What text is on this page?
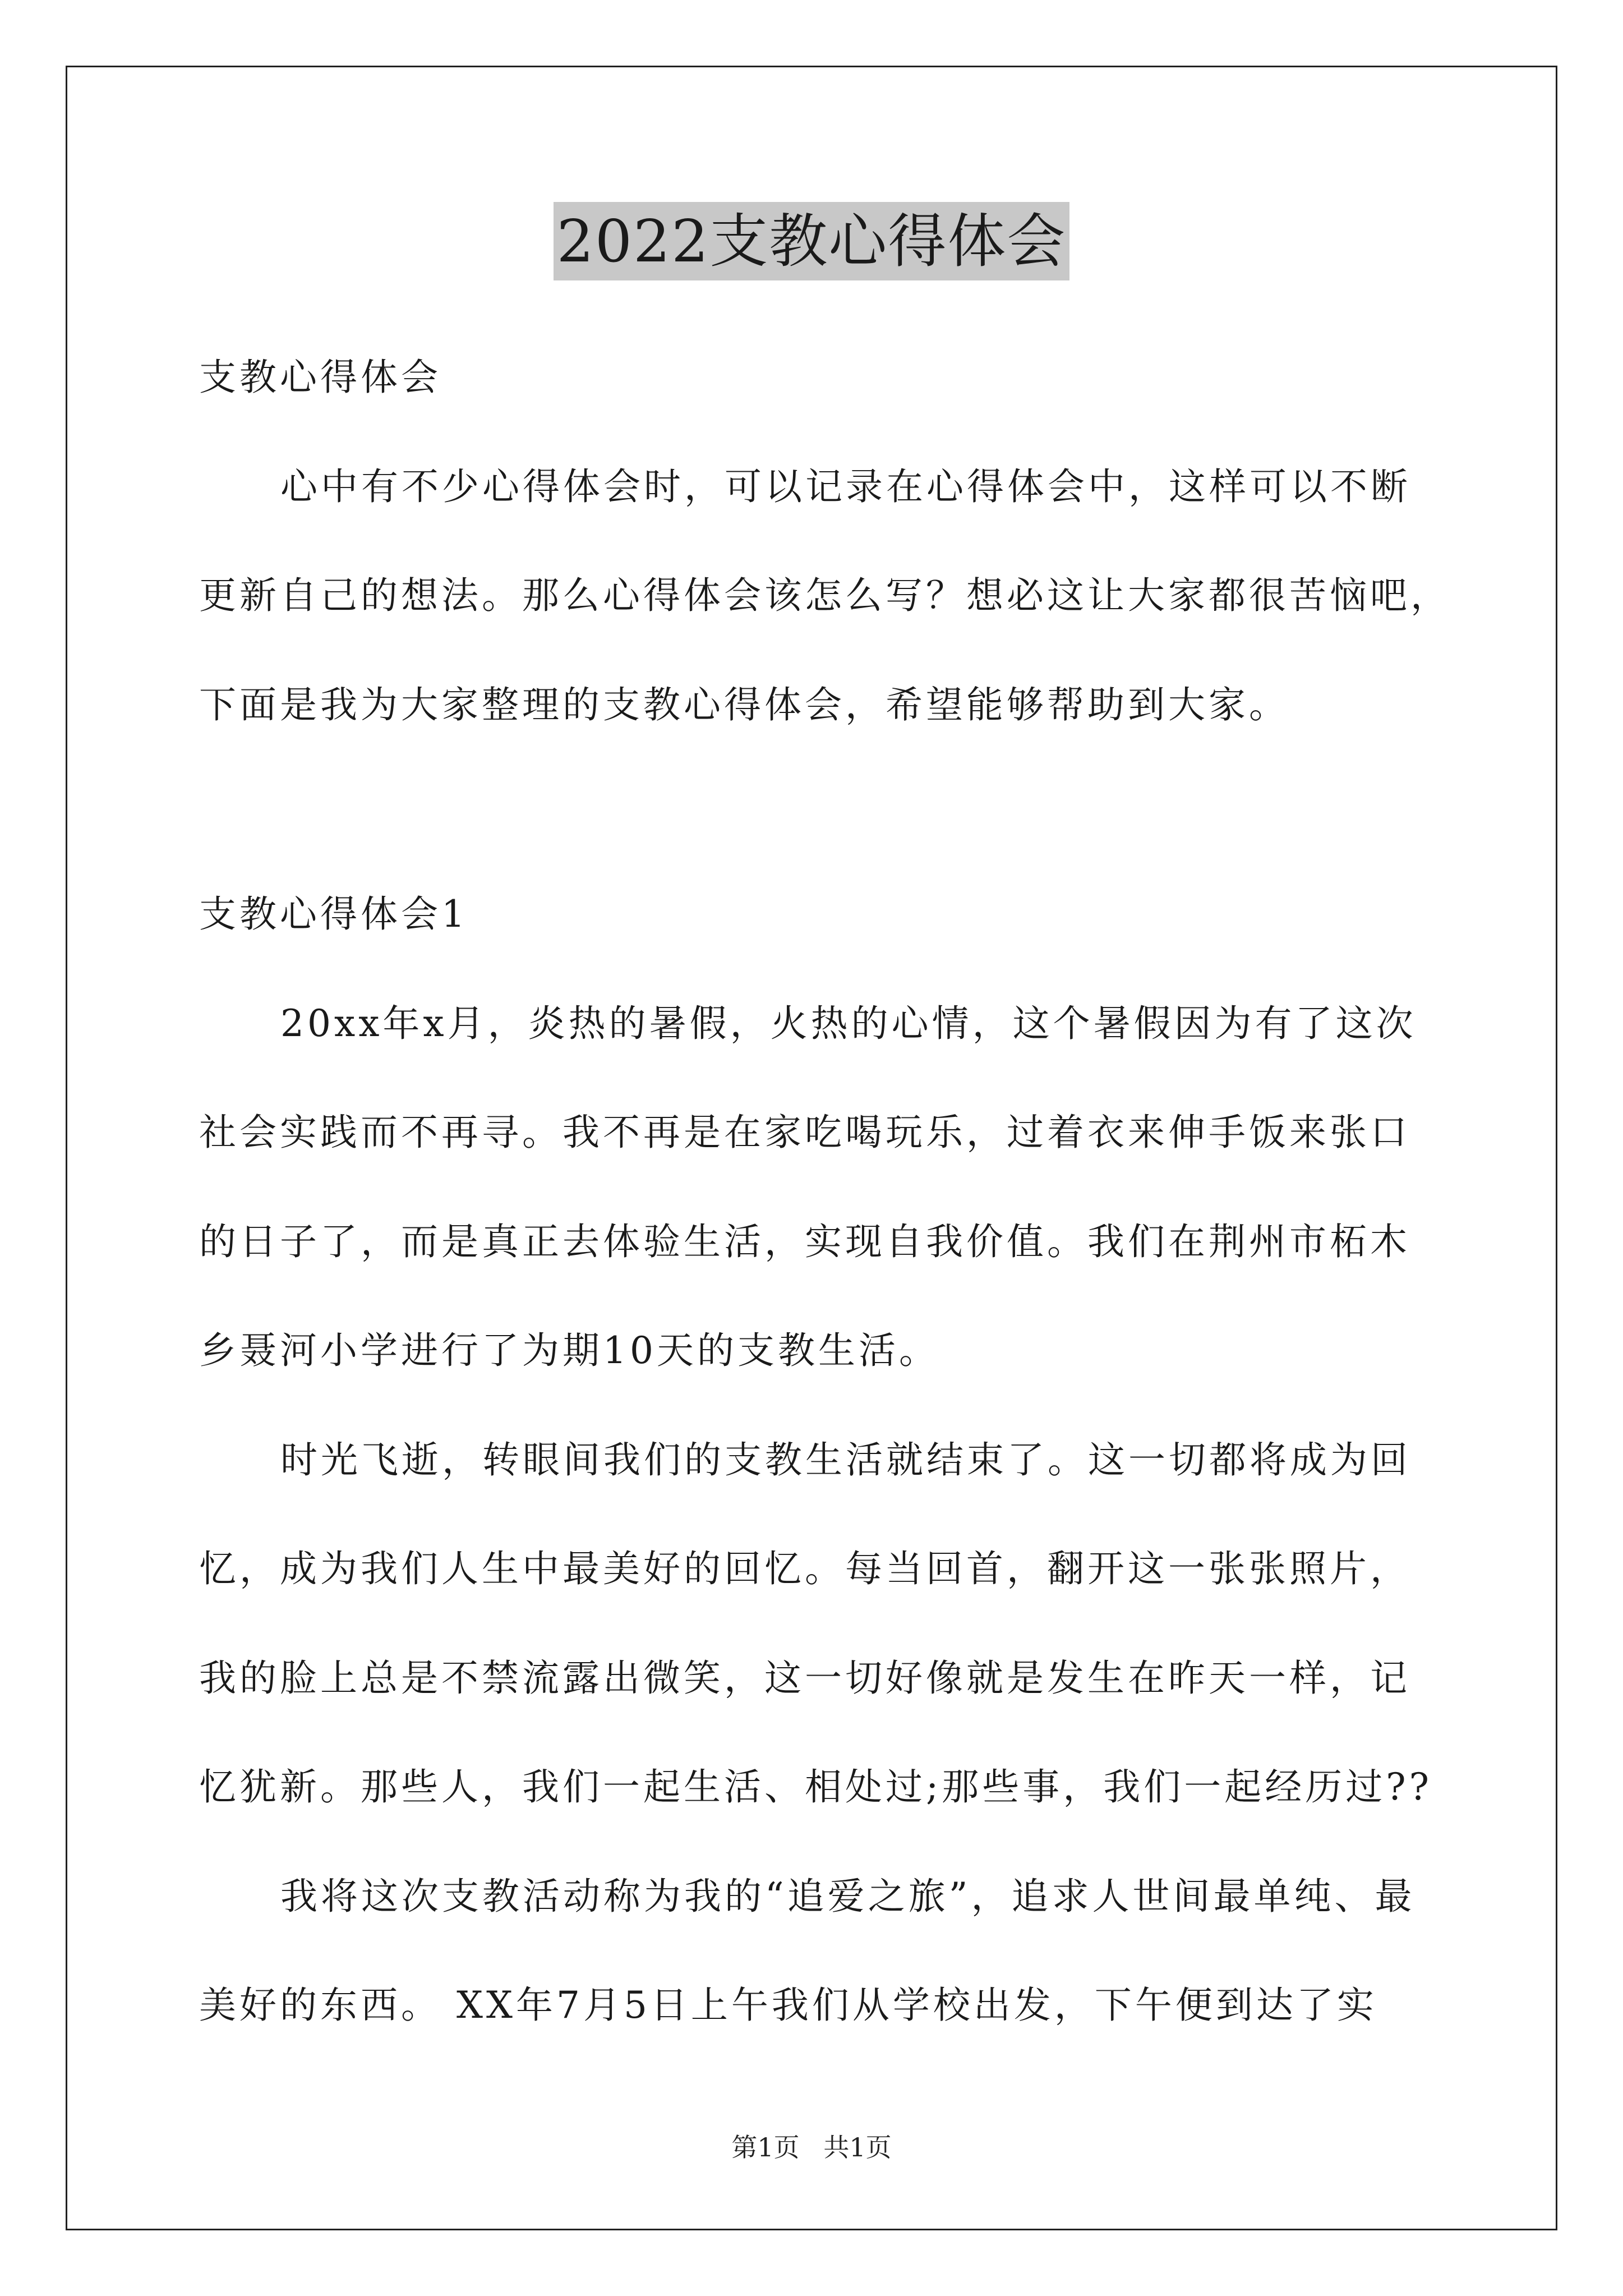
2022支教心得体会
支教心得体会
心中有不少心得体会时，可以记录在心得体会中，这样可以不断
更新自己的想法。那么心得体会该怎么写？想必这让大家都很苦恼吧，
下面是我为大家整理的支教心得体会，希望能够帮助到大家。
支教心得体会1
20xx年x月，炎热的暑假，火热的心情，这个暑假因为有了这次
社会实践而不再寻。我不再是在家吃喝玩乐，过着衣来伸手饭来张口
的日子了，而是真正去体验生活，实现自我价值。我们在荆州市柘木
乡聂河小学进行了为期10天的支教生活。
时光飞逝，转眼间我们的支教生活就结束了。这一切都将成为回
忆，成为我们人生中最美好的回忆。每当回首，翻开这一张张照片，
我的脸上总是不禁流露出微笑，这一切好像就是发生在昨天一样，记
忆犹新。那些人，我们一起生活、相处过;那些事，我们一起经历过??
我将这次支教活动称为我的“追爱之旅”，追求人世间最单纯、最
美好的东西。 XX年7月5日上午我们从学校出发，下午便到达了实
第1页 共1页
